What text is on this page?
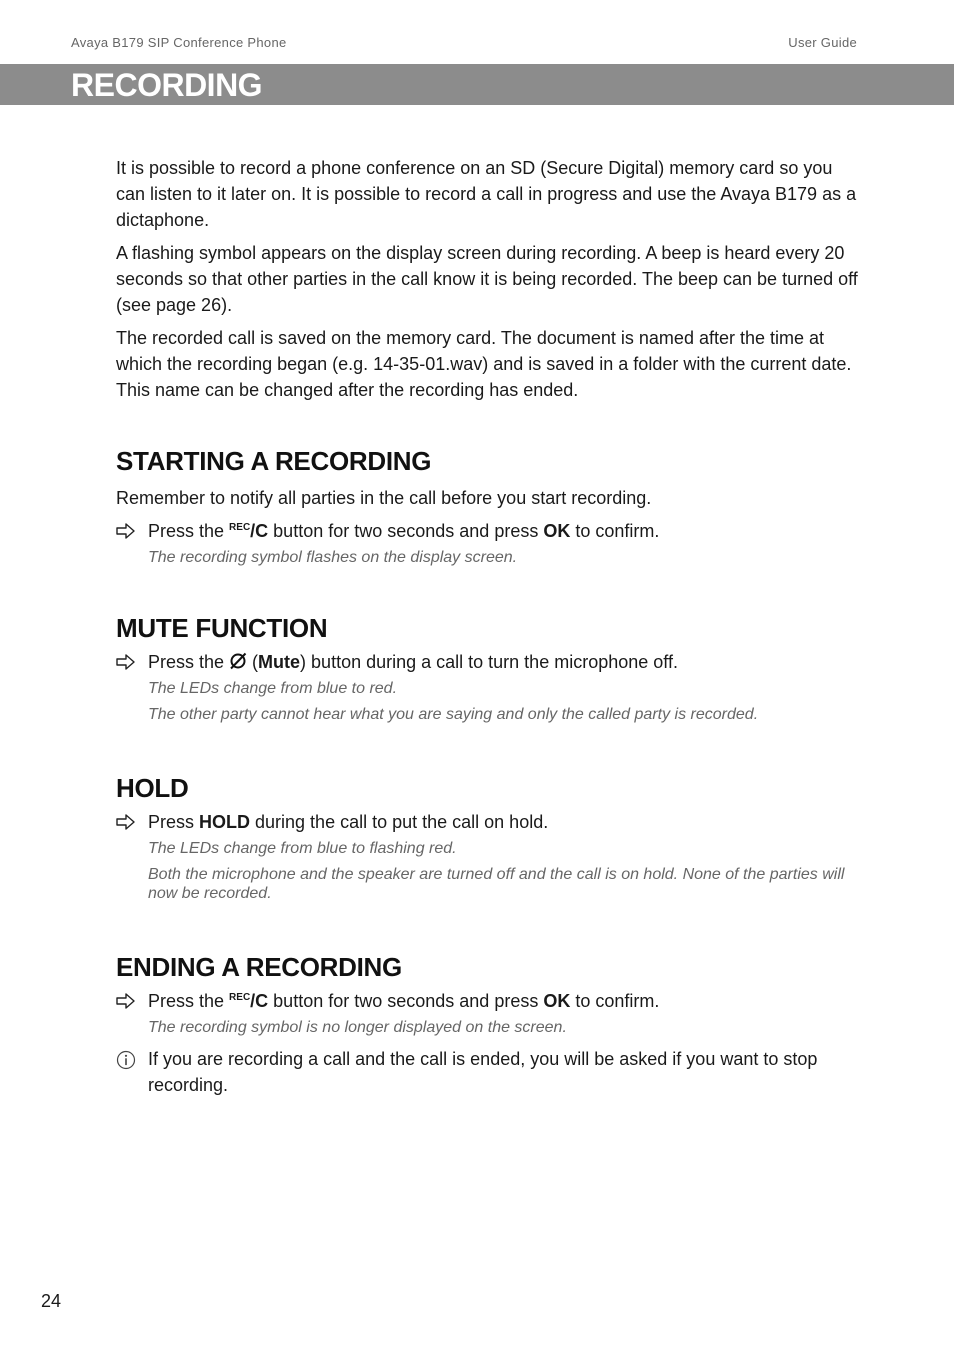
Avaya B179 SIP Conference Phone	User Guide
RECORDING

It is possible to record a phone conference on an SD (Secure Digital) memory card so you can listen to it later on. It is possible to record a call in progress and use the Avaya B179 as a dictaphone.

A flashing symbol appears on the display screen during recording. A beep is heard every 20 seconds so that other parties in the call know it is being recorded. The beep can be turned off (see page 26).

The recorded call is saved on the memory card. The document is named after the time at which the recording began (e.g. 14-35-01.wav) and is saved in a folder with the current date. This name can be changed after the recording has ended.

STARTING A RECORDING

Remember to notify all parties in the call before you start recording.

Press the $^{REC}$/C button for two seconds and press OK to confirm.
The recording symbol flashes on the display screen.
MUTE FUNCTION
Press the  (Mute) button during a call to turn the microphone off.
The LEDs change from blue to red.
The other party cannot hear what you are saying and only the called party is recorded.
HOLD
Press HOLD during the call to put the call on hold.
The LEDs change from blue to flashing red.
Both the microphone and the speaker are turned off and the call is on hold. None of the parties will now be recorded.
ENDING A RECORDING
Press the $^{REC}$/C button for two seconds and press OK to confirm.
The recording symbol is no longer displayed on the screen.
If you are recording a call and the call is ended, you will be asked if you want to stop recording.
24
